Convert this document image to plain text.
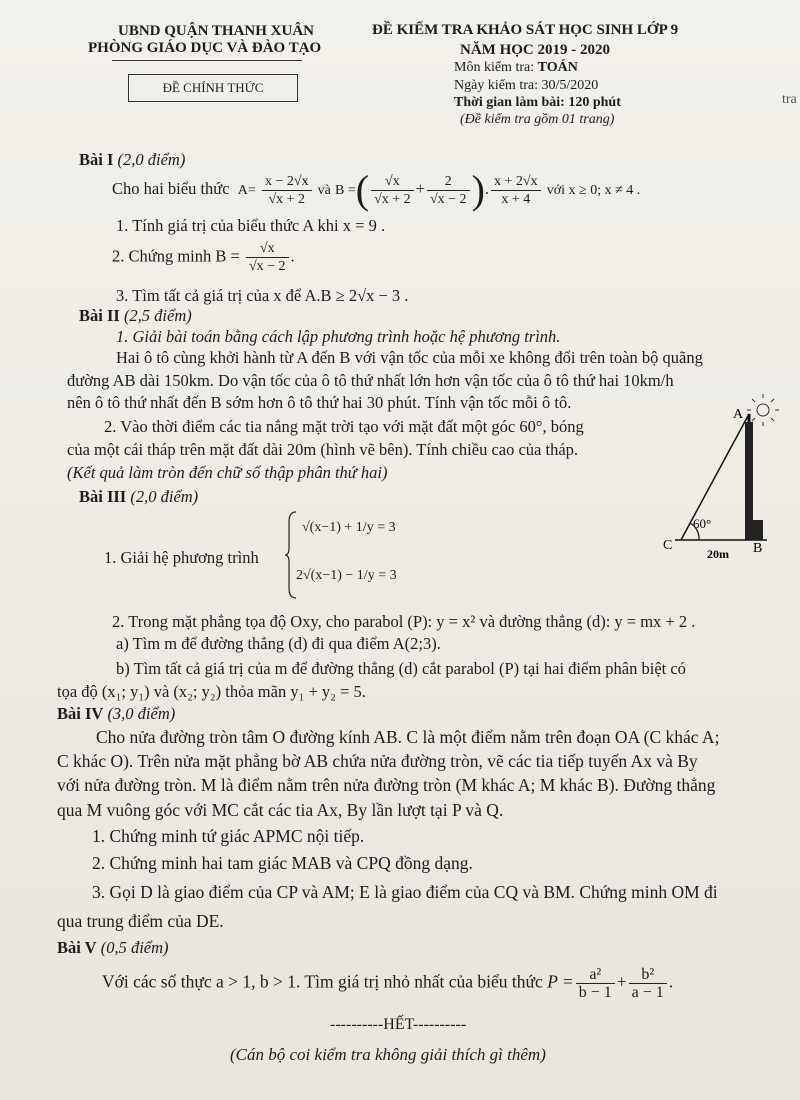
UBND QUẬN THANH XUÂN
PHÒNG GIÁO DỤC VÀ ĐÀO TẠO
ĐỀ CHÍNH THỨC
ĐỀ KIỂM TRA KHẢO SÁT HỌC SINH LỚP 9
NĂM HỌC 2019 - 2020
Môn kiểm tra: TOÁN
Ngày kiểm tra: 30/5/2020
Thời gian làm bài: 120 phút
(Đề kiểm tra gồm 01 trang)
tra
Bài I (2,0 điểm)
Cho hai biểu thức $A= \frac{x - 2√x}{√x + 2}$ và B =( $\frac{√x}{√x + 2} + \frac{2}{√x - 2}$ ). $\frac{x + 2√x}{x + 4}$ với x ≥ 0; x ≠ 4 .
1. Tính giá trị của biểu thức A khi x = 9 .
2. Chứng minh $B = \frac{√x}{√x - 2}$ .
3. Tìm tất cả giá trị của x để A.B ≥ 2√x − 3 .
Bài II (2,5 điểm)
1. Giải bài toán bằng cách lập phương trình hoặc hệ phương trình.
Hai ô tô cùng khởi hành từ A đến B với vận tốc của mỗi xe không đổi trên toàn bộ quãng
đường AB dài 150km. Do vận tốc của ô tô thứ nhất lớn hơn vận tốc của ô tô thứ hai 10km/h
nên ô tô thứ nhất đến B sớm hơn ô tô thứ hai 30 phút. Tính vận tốc mỗi ô tô.
2. Vào thời điểm các tia nắng mặt trời tạo với mặt đất một góc 60°, bóng
của một cái tháp trên mặt đất dài 20m (hình vẽ bên). Tính chiều cao của tháp.
(Kết quả làm tròn đến chữ số thập phân thứ hai)
A
C	B
60°
20m
Bài III (2,0 điểm)
1. Giải hệ phương trình
√(x−1) + 1/y = 3
2√(x−1) − 1/y = 3
2. Trong mặt phẳng tọa độ Oxy, cho parabol (P): y = x² và đường thẳng (d): y = mx + 2 .
a) Tìm m để đường thẳng (d) đi qua điểm A(2;3).
b) Tìm tất cả giá trị của m để đường thẳng (d) cắt parabol (P) tại hai điểm phân biệt có
tọa độ (x₁; y₁) và (x₂; y₂) thỏa mãn y₁ + y₂ = 5.
Bài IV (3,0 điểm)
Cho nửa đường tròn tâm O đường kính AB. C là một điểm nằm trên đoạn OA (C khác A;
C khác O). Trên nửa mặt phẳng bờ AB chứa nửa đường tròn, vẽ các tia tiếp tuyến Ax và By
với nửa đường tròn. M là điểm nằm trên nửa đường tròn (M khác A; M khác B). Đường thẳng
qua M vuông góc với MC cắt các tia Ax, By lần lượt tại P và Q.
1. Chứng minh tứ giác APMC nội tiếp.
2. Chứng minh hai tam giác MAB và CPQ đồng dạng.
3. Gọi D là giao điểm của CP và AM; E là giao điểm của CQ và BM. Chứng minh OM đi
qua trung điểm của DE.
Bài V (0,5 điểm)
Với các số thực a > 1, b > 1. Tìm giá trị nhỏ nhất của biểu thức $P = \frac{\text{a²}}{b - 1} + \frac{\text{b²}}{a - 1}$ .
----------HẾT----------
(Cán bộ coi kiểm tra không giải thích gì thêm)
